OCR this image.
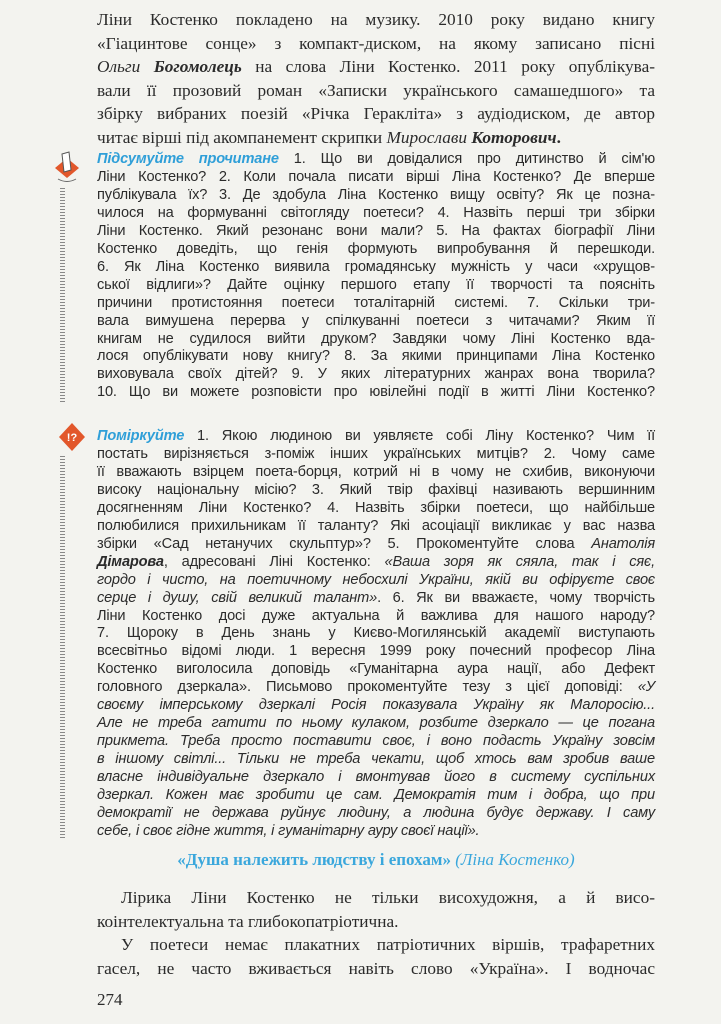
Ліни Костенко покладено на музику. 2010 року видано книгу
«Гіацинтове сонце» з компакт-диском, на якому записано пісні
Ольги Богомолець на слова Ліни Костенко. 2011 року опублікува-
вали її прозовий роман «Записки українського самашедшого» та
збірку вибраних поезій «Річка Геракліта» з аудіодиском, де автор
читає вірші під акомпанемент скрипки Мирослави Которович.
Підсумуйте прочитане 1. Що ви довідалися про дитинство й сім'ю
Ліни Костенко? 2. Коли почала писати вірші Ліна Костенко? Де вперше
публікувала їх? 3. Де здобула Ліна Костенко вищу освіту? Як це позна-
чилося на формуванні світогляду поетеси? 4. Назвіть перші три збірки
Ліни Костенко. Який резонанс вони мали? 5. На фактах біографії Ліни
Костенко доведіть, що генія формують випробування й перешкоди.
6. Як Ліна Костенко виявила громадянську мужність у часи «хрущов-
ської відлиги»? Дайте оцінку першого етапу її творчості та поясніть
причини протистояння поетеси тоталітарній системі. 7. Скільки три-
вала вимушена перерва у спілкуванні поетеси з читачами? Яким її
книгам не судилося вийти друком? Завдяки чому Ліні Костенко вда-
лося опублікувати нову книгу? 8. За якими принципами Ліна Костенко
виховувала своїх дітей? 9. У яких літературних жанрах вона творила?
10. Що ви можете розповісти про ювілейні події в житті Ліни Костенко?
!? Поміркуйте 1. Якою людиною ви уявляєте собі Ліну Костенко? Чим її
постать вирізняється з-поміж інших українських митців? 2. Чому саме
її вважають взірцем поета-борця, котрий ні в чому не схибив, виконуючи
високу національну місію? 3. Який твір фахівці називають вершинним
досягненням Ліни Костенко? 4. Назвіть збірки поетеси, що найбільше
полюбилися прихильникам її таланту? Які асоціації викликає у вас назва
збірки «Сад нетанучих скульптур»? 5. Прокоментуйте слова Анатолія
Дімарова, адресовані Ліні Костенко: «Ваша зоря як сяяла, так і сяє,
гордо і чисто, на поетичному небосхилі України, якій ви офіруєте своє
серце і душу, свій великий талант». 6. Як ви вважаєте, чому творчість
Ліни Костенко досі дуже актуальна й важлива для нашого народу?
7. Щороку в День знань у Києво-Могилянській академії виступають
всесвітньо відомі люди. 1 вересня 1999 року почесний професор Ліна
Костенко виголосила доповідь «Гуманітарна аура нації, або Дефект
головного дзеркала». Письмово прокоментуйте тезу з цієї доповіді: «У
своєму імперському дзеркалі Росія показувала Україну як Малоросію...
Але не треба гатити по ньому кулаком, розбите дзеркало — це погана
прикмета. Треба просто поставити своє, і воно подасть Україну зовсім
в іншому світлі... Тільки не треба чекати, щоб хтось вам зробив ваше
власне індивідуальне дзеркало і вмонтував його в систему суспільних
дзеркал. Кожен має зробити це сам. Демократія тим і добра, що при
демократії не держава руйнує людину, а людина будує державу. І саму
себе, і своє гідне життя, і гуманітарну ауру своєї нації».
«Душа належить людству і епохам» (Ліна Костенко)
Лірика Ліни Костенко не тільки висохудожня, а й висо-
коінтелектуальна та глибокопатріотична.
У поетеси немає плакатних патріотичних віршів, трафаретних
гасел, не часто вживається навіть слово «Україна». І водночас
274
